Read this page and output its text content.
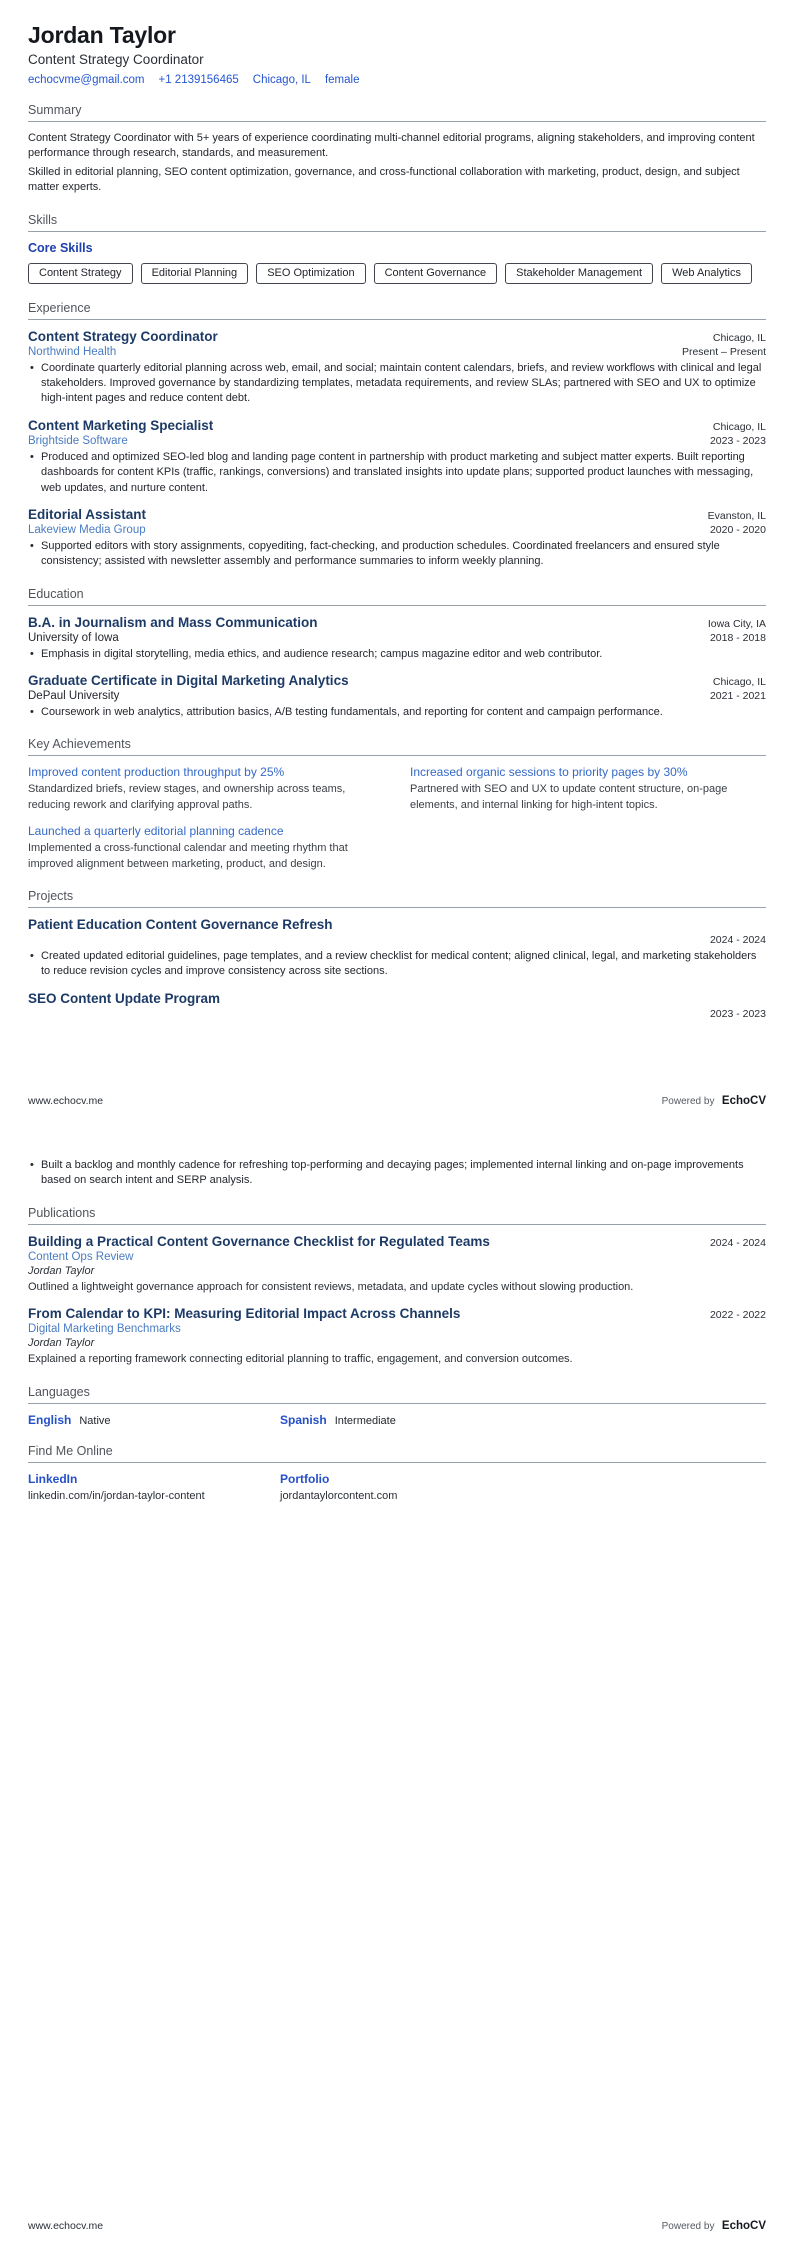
Jordan Taylor
Content Strategy Coordinator
echocvme@gmail.com +1 2139156465 Chicago, IL female
Summary

Content Strategy Coordinator with 5+ years of experience coordinating multi-channel editorial programs, aligning stakeholders, and improving content performance through research, standards, and measurement.

Skilled in editorial planning, SEO content optimization, governance, and cross-functional collaboration with marketing, product, design, and subject matter experts.

Skills
Core Skills
Content Strategy	Editorial Planning	SEO Optimization	Content Governance	Stakeholder Management	Web Analytics
Experience
Content Strategy Coordinator	Chicago, IL
Northwind Health	Present – Present
• Coordinate quarterly editorial planning across web, email, and social; maintain content calendars, briefs, and review workflows with clinical and legal stakeholders. Improved governance by standardizing templates, metadata requirements, and review SLAs; partnered with SEO and UX to optimize high-intent pages and reduce content debt.
Content Marketing Specialist	Chicago, IL
Brightside Software	2023 - 2023
• Produced and optimized SEO-led blog and landing page content in partnership with product marketing and subject matter experts. Built reporting dashboards for content KPIs (traffic, rankings, conversions) and translated insights into update plans; supported product launches with messaging, web updates, and nurture content.
Editorial Assistant	Evanston, IL
Lakeview Media Group	2020 - 2020
• Supported editors with story assignments, copyediting, fact-checking, and production schedules. Coordinated freelancers and ensured style consistency; assisted with newsletter assembly and performance summaries to inform weekly planning.
Education
B.A. in Journalism and Mass Communication	Iowa City, IA
University of Iowa	2018 - 2018
• Emphasis in digital storytelling, media ethics, and audience research; campus magazine editor and web contributor.
Graduate Certificate in Digital Marketing Analytics	Chicago, IL
DePaul University	2021 - 2021
• Coursework in web analytics, attribution basics, A/B testing fundamentals, and reporting for content and campaign performance.
Key Achievements
Improved content production throughput by 25%
Standardized briefs, review stages, and ownership across teams, reducing rework and clarifying approval paths.
Increased organic sessions to priority pages by 30%
Partnered with SEO and UX to update content structure, on-page elements, and internal linking for high-intent topics.
Launched a quarterly editorial planning cadence
Implemented a cross-functional calendar and meeting rhythm that improved alignment between marketing, product, and design.
Projects
Patient Education Content Governance Refresh
2024 - 2024
• Created updated editorial guidelines, page templates, and a review checklist for medical content; aligned clinical, legal, and marketing stakeholders to reduce revision cycles and improve consistency across site sections.
SEO Content Update Program
2023 - 2023
www.echocv.me	Powered by EchoCV
• Built a backlog and monthly cadence for refreshing top-performing and decaying pages; implemented internal linking and on-page improvements based on search intent and SERP analysis.
Publications
Building a Practical Content Governance Checklist for Regulated Teams	2024 - 2024
Content Ops Review
Jordan Taylor
Outlined a lightweight governance approach for consistent reviews, metadata, and update cycles without slowing production.
From Calendar to KPI: Measuring Editorial Impact Across Channels	2022 - 2022
Digital Marketing Benchmarks
Jordan Taylor
Explained a reporting framework connecting editorial planning to traffic, engagement, and conversion outcomes.
Languages
English Native	Spanish Intermediate
Find Me Online
LinkedIn
linkedin.com/in/jordan-taylor-content
Portfolio
jordantaylorcontent.com
www.echocv.me	Powered by EchoCV
